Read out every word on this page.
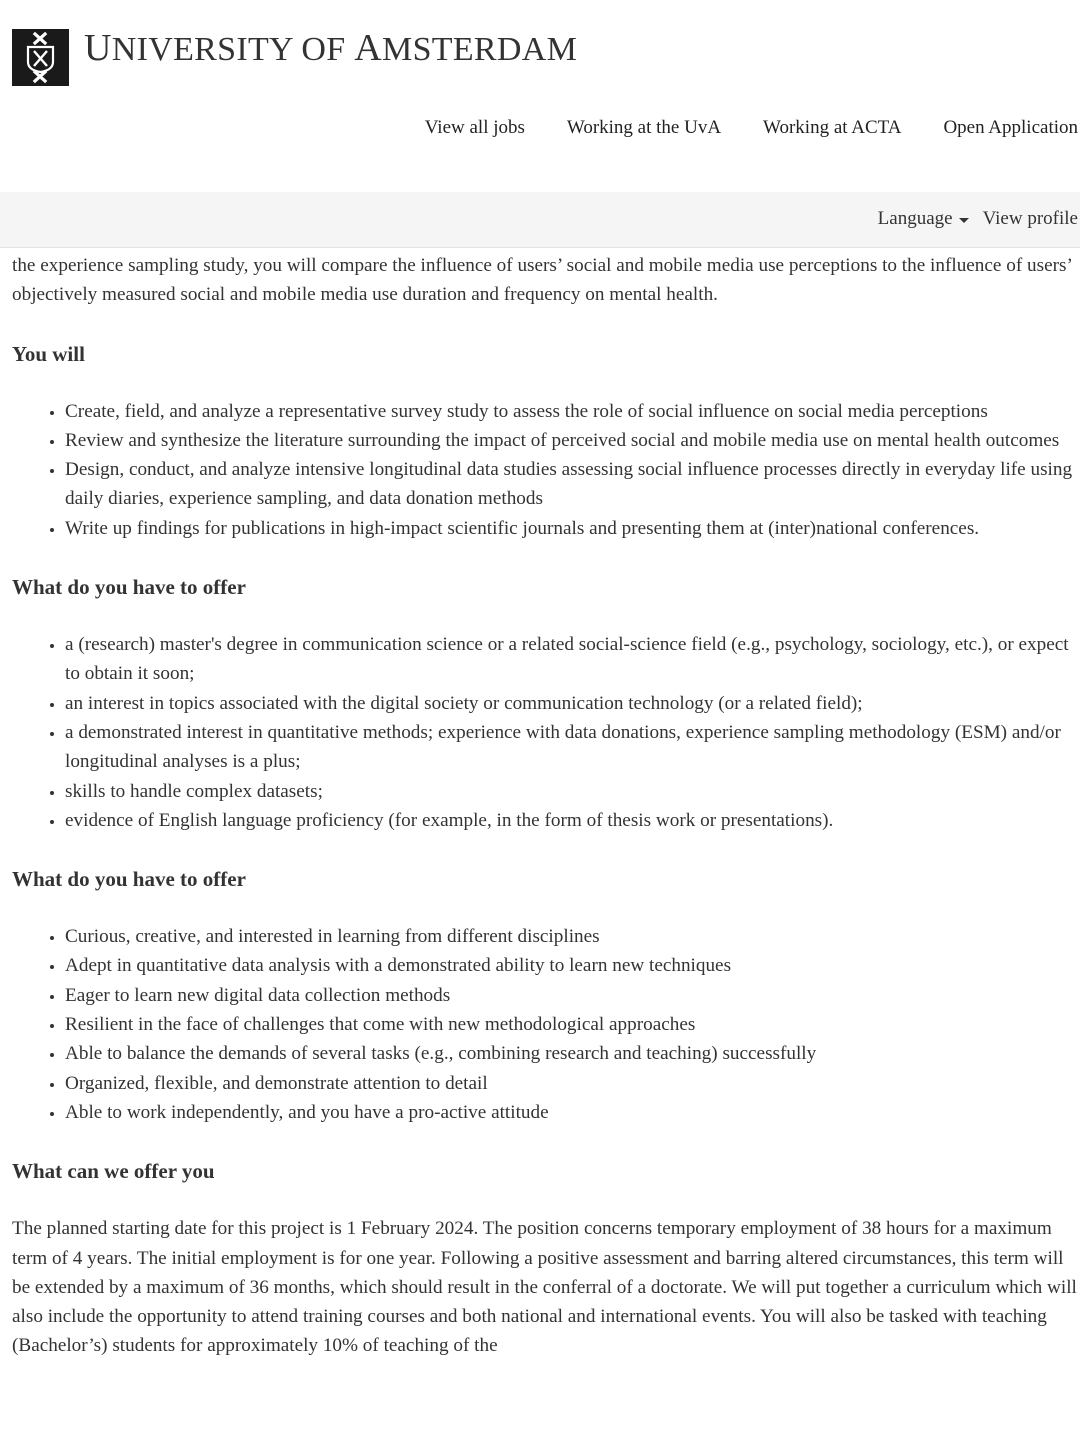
UNIVERSITY OF AMSTERDAM
View all jobs Working at the UvA Working at ACTA Open Application
Language View profile

the experience sampling study, you will compare the influence of users’ social and mobile media use perceptions to the influence of users’ objectively measured social and mobile media use duration and frequency on mental health.

You will
• Create, field, and analyze a representative survey study to assess the role of social influence on social media perceptions
• Review and synthesize the literature surrounding the impact of perceived social and mobile media use on mental health outcomes
• Design, conduct, and analyze intensive longitudinal data studies assessing social influence processes directly in everyday life using daily diaries, experience sampling, and data donation methods
• Write up findings for publications in high-impact scientific journals and presenting them at (inter)national conferences.
What do you have to offer
• a (research) master's degree in communication science or a related social-science field (e.g., psychology, sociology, etc.), or expect to obtain it soon;
• an interest in topics associated with the digital society or communication technology (or a related field);
• a demonstrated interest in quantitative methods; experience with data donations, experience sampling methodology (ESM) and/or longitudinal analyses is a plus;
• skills to handle complex datasets;
• evidence of English language proficiency (for example, in the form of thesis work or presentations).
What do you have to offer
• Curious, creative, and interested in learning from different disciplines
• Adept in quantitative data analysis with a demonstrated ability to learn new techniques
• Eager to learn new digital data collection methods
• Resilient in the face of challenges that come with new methodological approaches
• Able to balance the demands of several tasks (e.g., combining research and teaching) successfully
• Organized, flexible, and demonstrate attention to detail
• Able to work independently, and you have a pro-active attitude
What can we offer you

The planned starting date for this project is 1 February 2024. The position concerns temporary employment of 38 hours for a maximum term of 4 years. The initial employment is for one year. Following a positive assessment and barring altered circumstances, this term will be extended by a maximum of 36 months, which should result in the conferral of a doctorate. We will put together a curriculum which will also include the opportunity to attend training courses and both national and international events. You will also be tasked with teaching (Bachelor’s) students for approximately 10% of teaching of the
